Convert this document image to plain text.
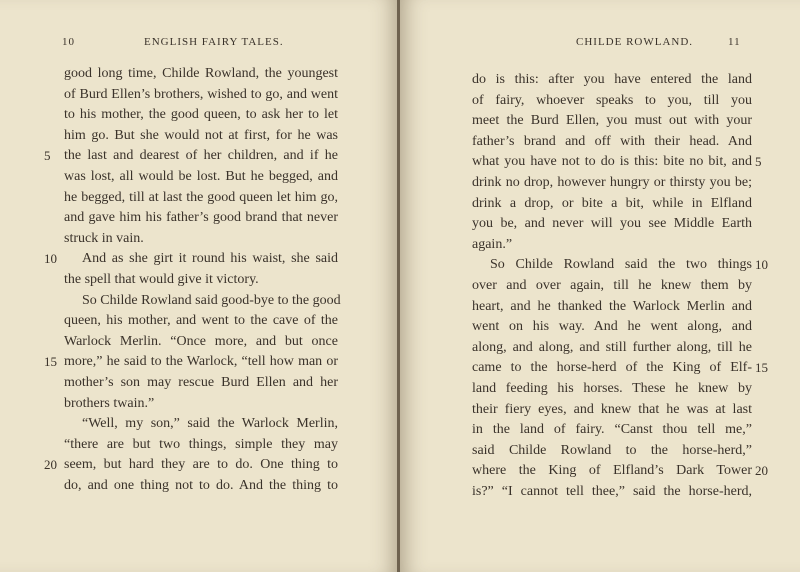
10	ENGLISH FAIRY TALES.
good long time, Childe Rowland, the youngest
of Burd Ellen’s brothers, wished to go, and went
to his mother, the good queen, to ask her to let
him go. But she would not at first, for he was
the last and dearest of her children, and if he
5
was lost, all would be lost. But he begged, and
he begged, till at last the good queen let him go,
and gave him his father’s good brand that never
struck in vain.
And as she girt it round his waist, she said
10
the spell that would give it victory.
So Childe Rowland said good-bye to the good
queen, his mother, and went to the cave of the
Warlock Merlin. “Once more, and but once
more,” he said to the Warlock, “tell how man or
15
mother’s son may rescue Burd Ellen and her
brothers twain.”
“Well, my son,” said the Warlock Merlin,
“there are but two things, simple they may
seem, but hard they are to do. One thing to
20
do, and one thing not to do. And the thing to
CHILDE ROWLAND.	11
do is this: after you have entered the land
of fairy, whoever speaks to you, till you
meet the Burd Ellen, you must out with your
father’s brand and off with their head. And
what you have not to do is this: bite no bit, and 5
drink no drop, however hungry or thirsty you be;
drink a drop, or bite a bit, while in Elfland
you be, and never will you see Middle Earth
again.”
So Childe Rowland said the two things 10
over and over again, till he knew them by
heart, and he thanked the Warlock Merlin and
went on his way. And he went along, and
along, and along, and still further along, till he
came to the horse-herd of the King of Elf- 15
land feeding his horses. These he knew by
their fiery eyes, and knew that he was at last
in the land of fairy. “Canst thou tell me,”
said Childe Rowland to the horse-herd,”
where the King of Elfland’s Dark Tower 20
is?” “I cannot tell thee,” said the horse-herd,
